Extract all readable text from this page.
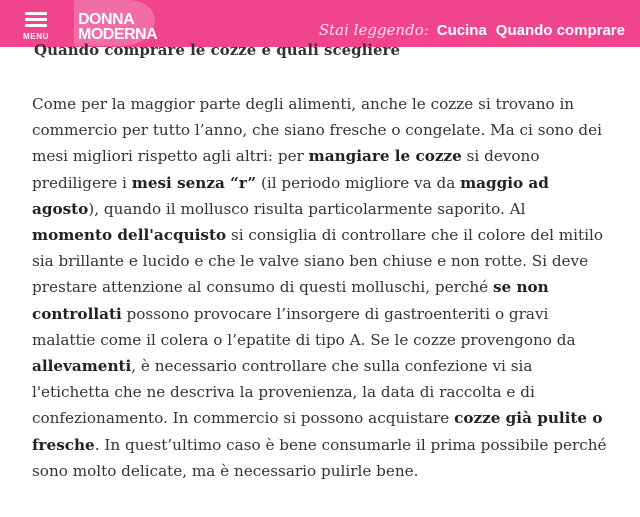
MENU
DONNA
MODERNA	Stai leggendo: Cucina Quando comprare
Quando comprare le cozze e quali scegliere

Come per la maggior parte degli alimenti, anche le cozze si trovano in commercio per tutto l’anno, che siano fresche o congelate. Ma ci sono dei mesi migliori rispetto agli altri: per mangiare le cozze si devono prediligere i mesi senza “r” (il periodo migliore va da maggio ad agosto), quando il mollusco risulta particolarmente saporito. Al momento dell'acquisto si consiglia di controllare che il colore del mitilo sia brillante e lucido e che le valve siano ben chiuse e non rotte. Si deve prestare attenzione al consumo di questi molluschi, perché se non controllati possono provocare l’insorgere di gastroenteriti o gravi malattie come il colera o l’epatite di tipo A. Se le cozze provengono da allevamenti, è necessario controllare che sulla confezione vi sia l'etichetta che ne descriva la provenienza, la data di raccolta e di confezionamento. In commercio si possono acquistare cozze già pulite o fresche. In quest’ultimo caso è bene consumarle il prima possibile perché sono molto delicate, ma è necessario pulirle bene.
